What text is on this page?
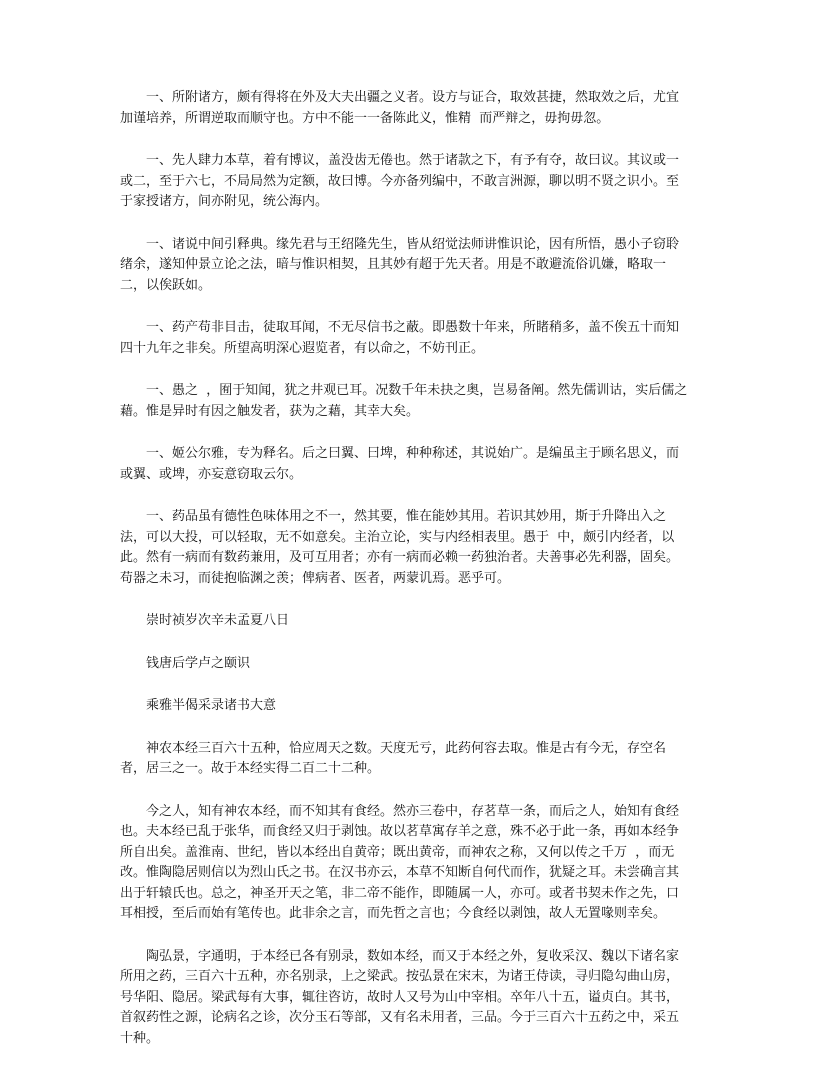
一、所附诸方，颇有得将在外及大夫出疆之义者。设方与证合，取效甚捷，然取效之后，尤宜加谨培养，所谓逆取而顺守也。方中不能一一备陈此义，惟精  而严辩之，毋拘毋忽。

一、先人肆力本草，着有博议，盖没齿无倦也。然于诸款之下，有予有夺，故曰议。其议或一或二，至于六七，不局局然为定额，故曰博。今亦备列编中，不敢言洲源，聊以明不贤之识小。至于家授诸方，间亦附见，统公海内。

一、诸说中间引释典。缘先君与王绍隆先生，皆从绍觉法师讲惟识论，因有所悟，愚小子窃聆绪余，遂知仲景立论之法，暗与惟识相契，且其妙有超于先天者。用是不敢避流俗讥嫌，略取一二，以俟跃如。

一、药产苟非目击，徒取耳闻，不无尽信书之蔽。即愚数十年来，所睹稍多，盖不俟五十而知四十九年之非矣。所望高明深心遐览者，有以命之，不妨刊正。

一、愚之  ，囿于知闻，犹之井观已耳。况数千年未抉之奥，岂易备阐。然先儒训诂，实后儒之藉。惟是异时有因之触发者，获为之藉，其幸大矣。

一、姬公尔雅，专为释名。后之曰翼、曰埤，种种称述，其说始广。是编虽主于顾名思义，而或翼、或埤，亦妄意窃取云尔。

一、药品虽有德性色味体用之不一，然其要，惟在能妙其用。若识其妙用，斯于升降出入之法，可以大投，可以轻取，无不如意矣。主治立论，实与内经相表里。愚于  中，颇引内经者，以此。然有一病而有数药兼用，及可互用者；亦有一病而必赖一药独治者。夫善事必先利器，固矣。苟器之未习，而徒抱临渊之羡；俾病者、医者，两蒙讥焉。恶乎可。

崇时祯岁次辛未孟夏八日

钱唐后学卢之颐识

乘雅半偈采录诸书大意

神农本经三百六十五种，恰应周天之数。天度无亏，此药何容去取。惟是古有今无，存空名者，居三之一。故于本经实得二百二十二种。

今之人，知有神农本经，而不知其有食经。然亦三卷中，存茗草一条，而后之人，始知有食经也。夫本经已乱于张华，而食经又归于剥蚀。故以茗草寓存羊之意，殊不必于此一条，再如本经争所自出矣。盖淮南、世纪，皆以本经出自黄帝；既出黄帝，而神农之称，又何以传之千万  ，而无改。惟陶隐居则信以为烈山氏之书。在汉书亦云，本草不知断自何代而作，犹疑之耳。未尝确言其出于轩辕氏也。总之，神圣开天之笔，非二帝不能作，即随属一人，亦可。或者书契未作之先，口耳相授，至后而始有笔传也。此非余之言，而先哲之言也；今食经以剥蚀，故人无置喙则幸矣。

陶弘景，字通明，于本经已各有别录，数如本经，而又于本经之外，复收采汉、魏以下诸名家所用之药，三百六十五种，亦名别录，上之梁武。按弘景在宋末，为诸王侍读，寻归隐勾曲山房，号华阳、隐居。梁武每有大事，辄往咨访，故时人又号为山中宰相。卒年八十五，谥贞白。其书，首叙药性之源，论病名之诊，次分玉石等部，又有名未用者，三品。今于三百六十五药之中，采五十种。
